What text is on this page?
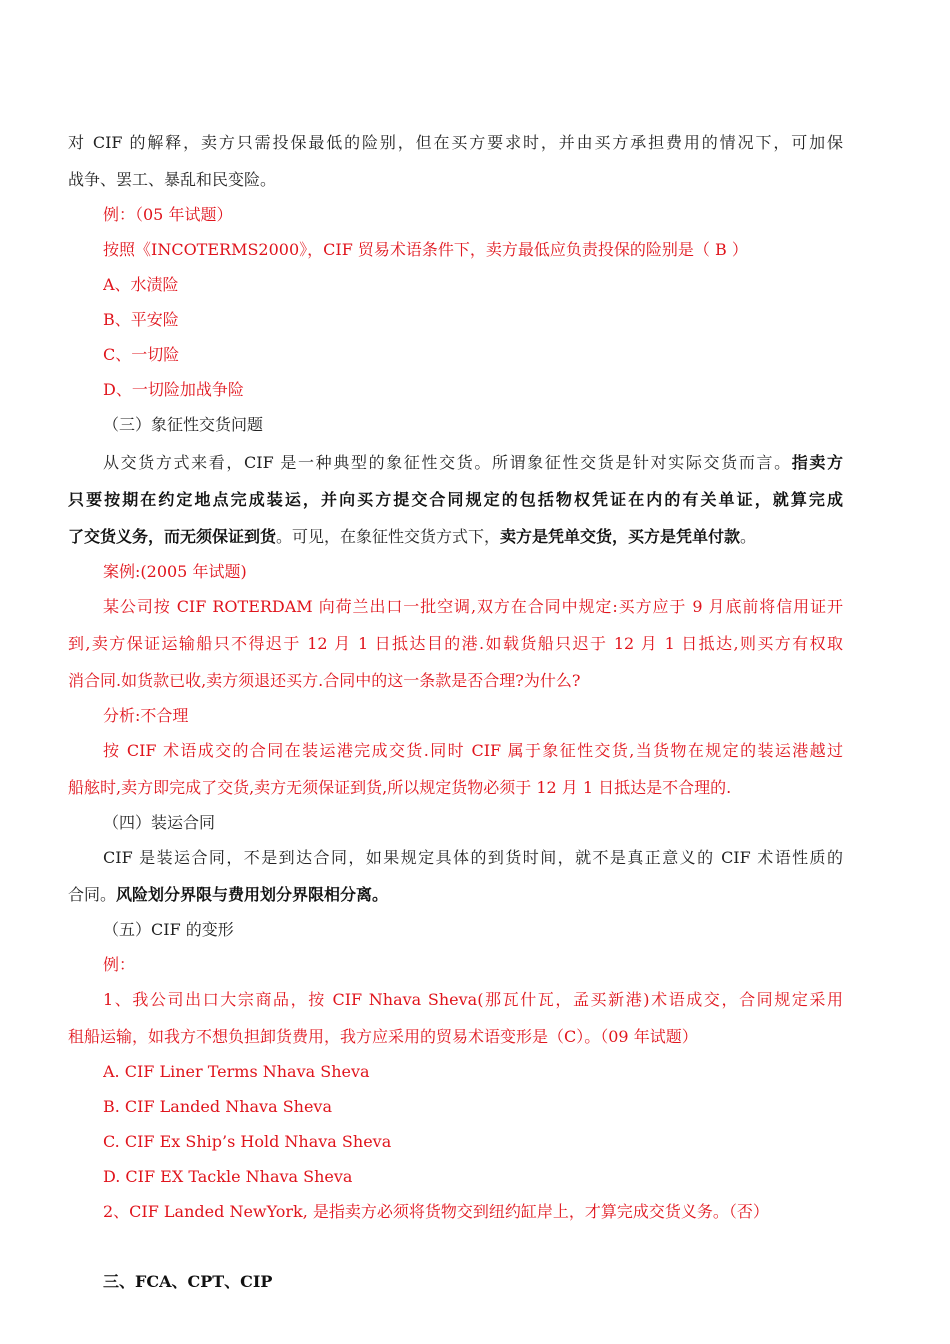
对 CIF 的解释，卖方只需投保最低的险别，但在买方要求时，并由买方承担费用的情况下，可加保
战争、罢工、暴乱和民变险。
例：（05 年试题）
按照《INCOTERMS2000》，CIF 贸易术语条件下，卖方最低应负责投保的险别是（ B ）
A、水渍险
B、平安险
C、一切险
D、一切险加战争险
（三）象征性交货问题
从交货方式来看，CIF 是一种典型的象征性交货。所谓象征性交货是针对实际交货而言。指卖方
只要按期在约定地点完成装运，并向买方提交合同规定的包括物权凭证在内的有关单证，就算完成
了交货义务，而无须保证到货。可见，在象征性交货方式下，卖方是凭单交货，买方是凭单付款。
案例:(2005 年试题)
某公司按 CIF ROTERDAM 向荷兰出口一批空调,双方在合同中规定:买方应于 9 月底前将信用证开
到,卖方保证运输船只不得迟于 12 月 1 日抵达目的港.如载货船只迟于 12 月 1 日抵达,则买方有权取
消合同.如货款已收,卖方须退还买方.合同中的这一条款是否合理?为什么?
分析:不合理
按 CIF 术语成交的合同在装运港完成交货.同时 CIF 属于象征性交货,当货物在规定的装运港越过
船舷时,卖方即完成了交货,卖方无须保证到货,所以规定货物必须于 12 月 1 日抵达是不合理的.
（四）装运合同
CIF 是装运合同，不是到达合同，如果规定具体的到货时间，就不是真正意义的 CIF 术语性质的
合同。风险划分界限与费用划分界限相分离。
（五）CIF 的变形
例：
1、我公司出口大宗商品，按 CIF Nhava Sheva(那瓦什瓦，孟买新港)术语成交，合同规定采用
租船运输，如我方不想负担卸货费用，我方应采用的贸易术语变形是（C）。（09 年试题）
A. CIF Liner Terms Nhava Sheva
B. CIF Landed Nhava Sheva
C. CIF Ex Ship’s Hold Nhava Sheva
D. CIF EX Tackle Nhava Sheva
2、CIF Landed NewYork, 是指卖方必须将货物交到纽约缸岸上，才算完成交货义务。（否）
三、FCA、CPT、CIP
